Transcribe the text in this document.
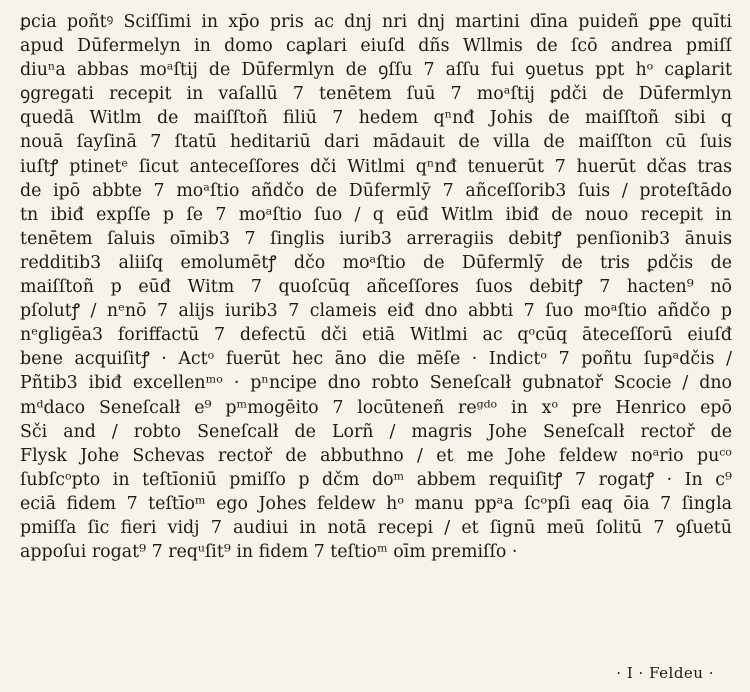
ꝑcia poñtꝰ Sciſſimi in xp̄o pris ac dnj nri dnj martini dīna puideñ ꝑpe quīti
apud Dūfermelyn in domo caꝑlari eiuſd dñs Wllmis de ſcō andrea pmiſſ
diuⁿa abbas moᵃſtij de Dūfermlyn de ꝯſſu 7 aſſu fui ꝯuetus ppt hᵒ caꝑlarit
ꝯgregati recepit in vaſallū 7 tenētem ſuū 7 moᵃſtij ꝑdči de Dūfermlyn
quedā Witlm de maiſſtoñ filiū 7 hedem qⁿnđ Johis de maiſſtoñ sibi q
nouā ſayſinā 7 ſtatū heditariū dari mādauit de villa de maiſſton cū ſuis
iuſtꝭ ptinetᵉ ſicut anteceſſores dči Witlmi qⁿnđ tenuerūt 7 huerūt dčas tras
de ipō abbte 7 moᵃſtio añdčo de Dūfermlȳ 7 añceſſorib3 ſuis / proteſtādo
tn ibiđ expſſe p ſe 7 moᵃſtio ſuo / q eūđ Witlm ibiđ de nouo recepit in
tenētem ſaluis oīmib3 7 ſinglis iurib3 arreragiis debitꝭ penſionib3 ānuis
redditib3 aliiſq emolumētꝭ dčo moᵃſtio de Dūfermlȳ de tris ꝑdčis de
maiſſtoñ p eūđ Witm 7 quoſcūq añceſſores ſuos debitꝭ 7 hacten⁹ nō
pſolutꝭ / nᵉnō 7 alijs iurib3 7 clameis eiđ dno abbti 7 ſuo moᵃſtio añdčo p
nᵉgligēa3 foriffactū 7 defectū dči etiā Witlmi ac qᵒcūq āteceſſorū eiuſđ
bene acquiſitꝭ · Actᵒ fuerūt hec āno die mēſe · Indictᵒ 7 poñtu ſupᵃdčis /
Pñtib3 ibiđ excellenᵐᵒ · pⁿncipe dno robto Seneſcalł gubnatoř Scocie / dno
mᵈdaco Seneſcalł e⁹ pᵐmogēito 7 locūteneñ reᵍᵈᵒ in xᵒ pre Henrico epō
Sči and / robto Seneſcalł de Lorñ / magris Johe Seneſcalł rectoř de
Flysk Johe Schevas rectoř de abbuthno / et me Johe feldew noᵃrio puᶜᵒ
ſubſcᵒpto in teſtīoniū pmiſſo p dčm doᵐ abbem requiſitꝭ 7 rogatꝭ · In c⁹
eciā fidem 7 teſtīoᵐ ego Johes feldew hᵒ manu ppᵃa ſcᵒpſi eaq ōia 7 ſingla
pmiſſa ſic fieri vidj 7 audiui in notā recepi / et ſignū meū ſolitū 7 ꝯſuetū
appoſui rogat⁹ 7 reqᵘſit⁹ in fidem 7 teſtioᵐ oīm premiſſo ·
· I · Feldeu ·
